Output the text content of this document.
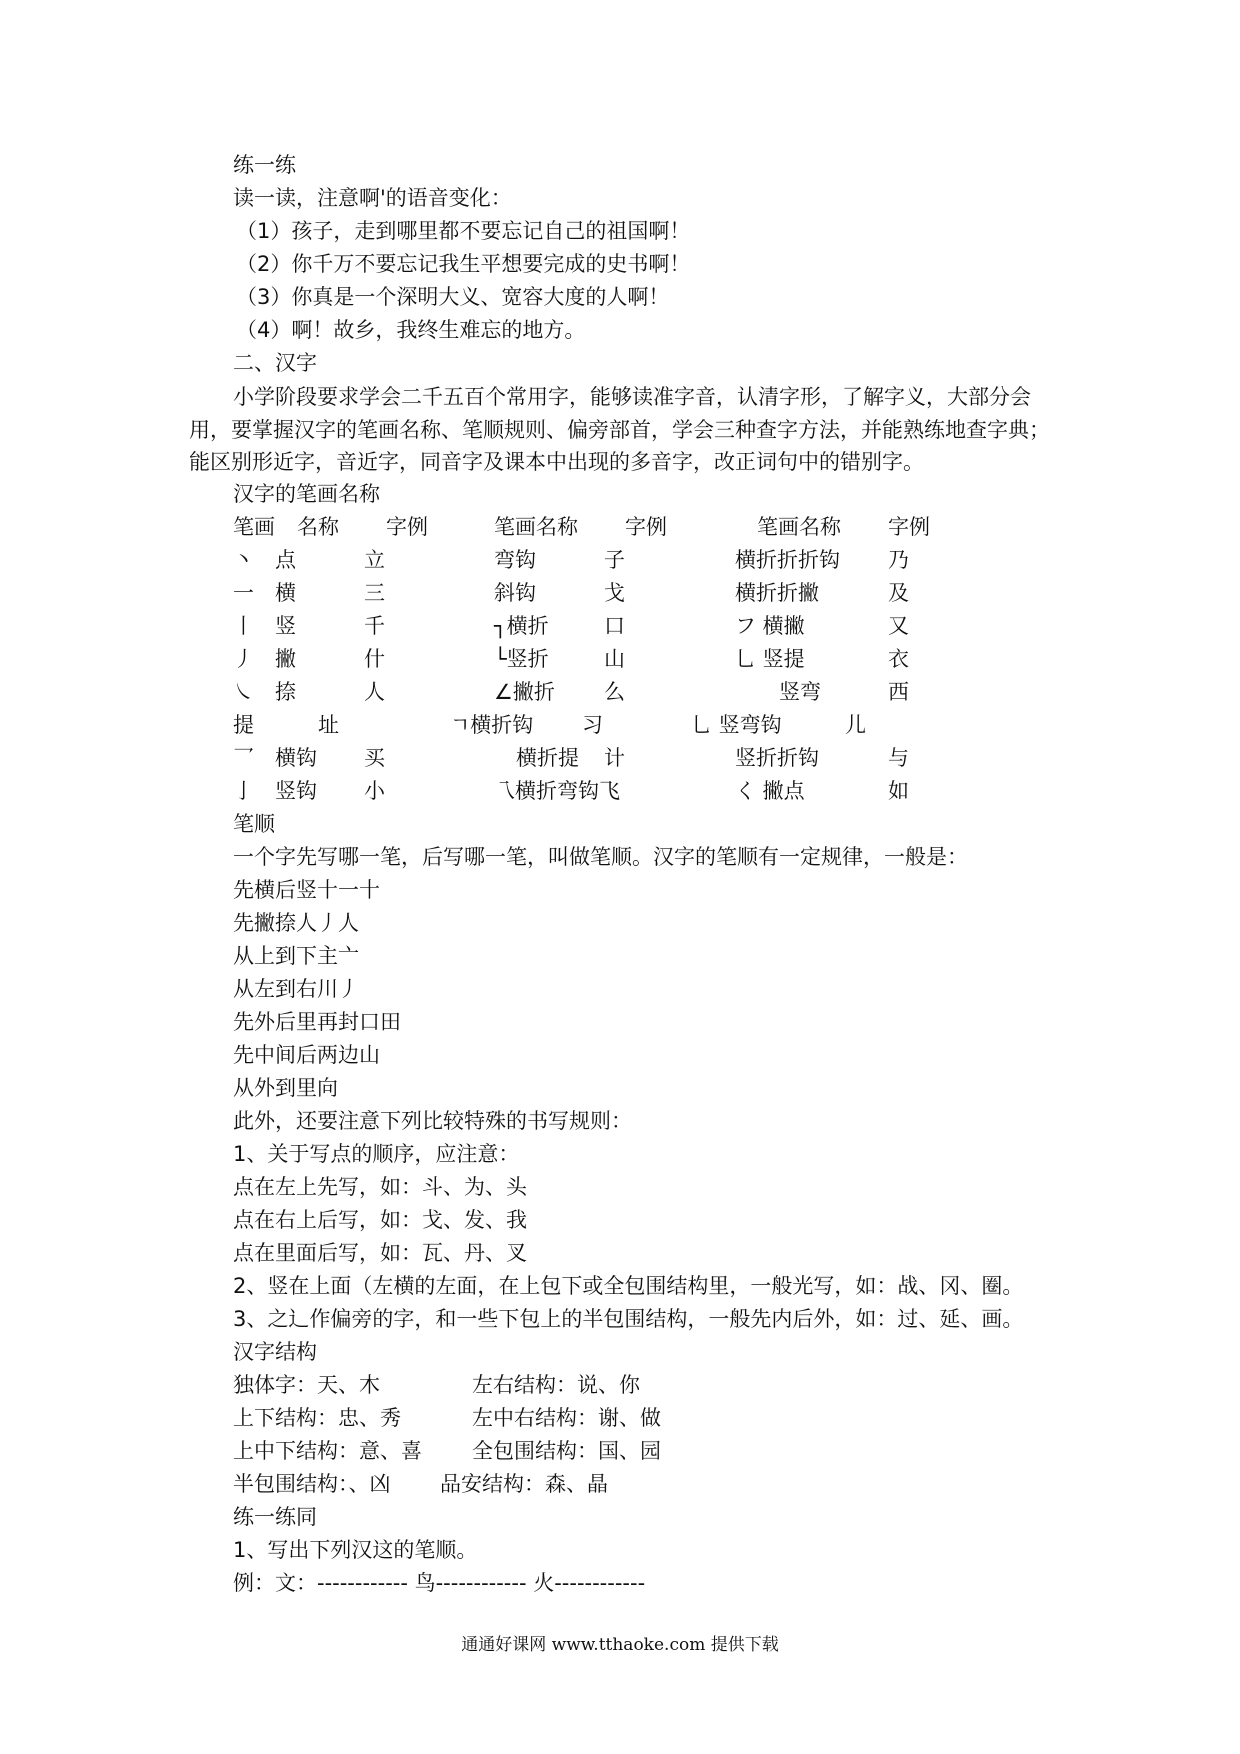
练一练
读一读，注意啊'的语音变化：
（1）孩子，走到哪里都不要忘记自己的祖国啊！
（2）你千万不要忘记我生平想要完成的史书啊！
（3）你真是一个深明大义、宽容大度的人啊！
（4）啊！故乡，我终生难忘的地方。
二、汉字
小学阶段要求学会二千五百个常用字，能够读准字音，认清字形，了解字义，大部分会
用，要掌握汉字的笔画名称、笔顺规则、偏旁部首，学会三种查字方法，并能熟练地查字典；
能区别形近字，音近字，同音字及课本中出现的多音字，改正词句中的错别字。
汉字的笔画名称
笔画 名称 字例	笔画名称 字例	笔画名称 字例
丶 点	立	弯钩	子	横折折折钩 乃
一 横	三	斜钩	戈	横折折撇	及
丨 竖	千	┐横折	口	フ 横撇	又
丿 撇	什	└竖折	山	乚 竖提	衣
㇏ 捺	人	∠撇折 么	竖弯	西
提	址	ㄱ横折钩 习	乚 竖弯钩	儿
乛 横钩 买	横折提 计	竖折折钩	与
亅 竖钩 小	乁横折弯钩飞	く 撇点	如
笔顺
一个字先写哪一笔，后写哪一笔，叫做笔顺。汉字的笔顺有一定规律，一般是：
先横后竖十一十
先撇捺人丿人
从上到下主亠
从左到右川丿
先外后里再封口田
先中间后两边山
从外到里向
此外，还要注意下列比较特殊的书写规则：
1、关于写点的顺序，应注意：
点在左上先写，如：斗、为、头
点在右上后写，如：戈、发、我
点在里面后写，如：瓦、丹、叉
2、竖在上面（左横的左面，在上包下或全包围结构里，一般光写，如：战、冈、圈。
3、之辶作偏旁的字，和一些下包上的半包围结构，一般先内后外，如：过、延、画。
汉字结构
独体字：天、木	左右结构：说、你
上下结构：忠、秀	左中右结构：谢、做
上中下结构：意、喜 全包围结构：国、园
半包围结构：、凶 品安结构：森、晶
练一练同
1、写出下列汉这的笔顺。
例：文：------------ 鸟------------ 火------------
通通好课网 www.tthaoke.com 提供下载
